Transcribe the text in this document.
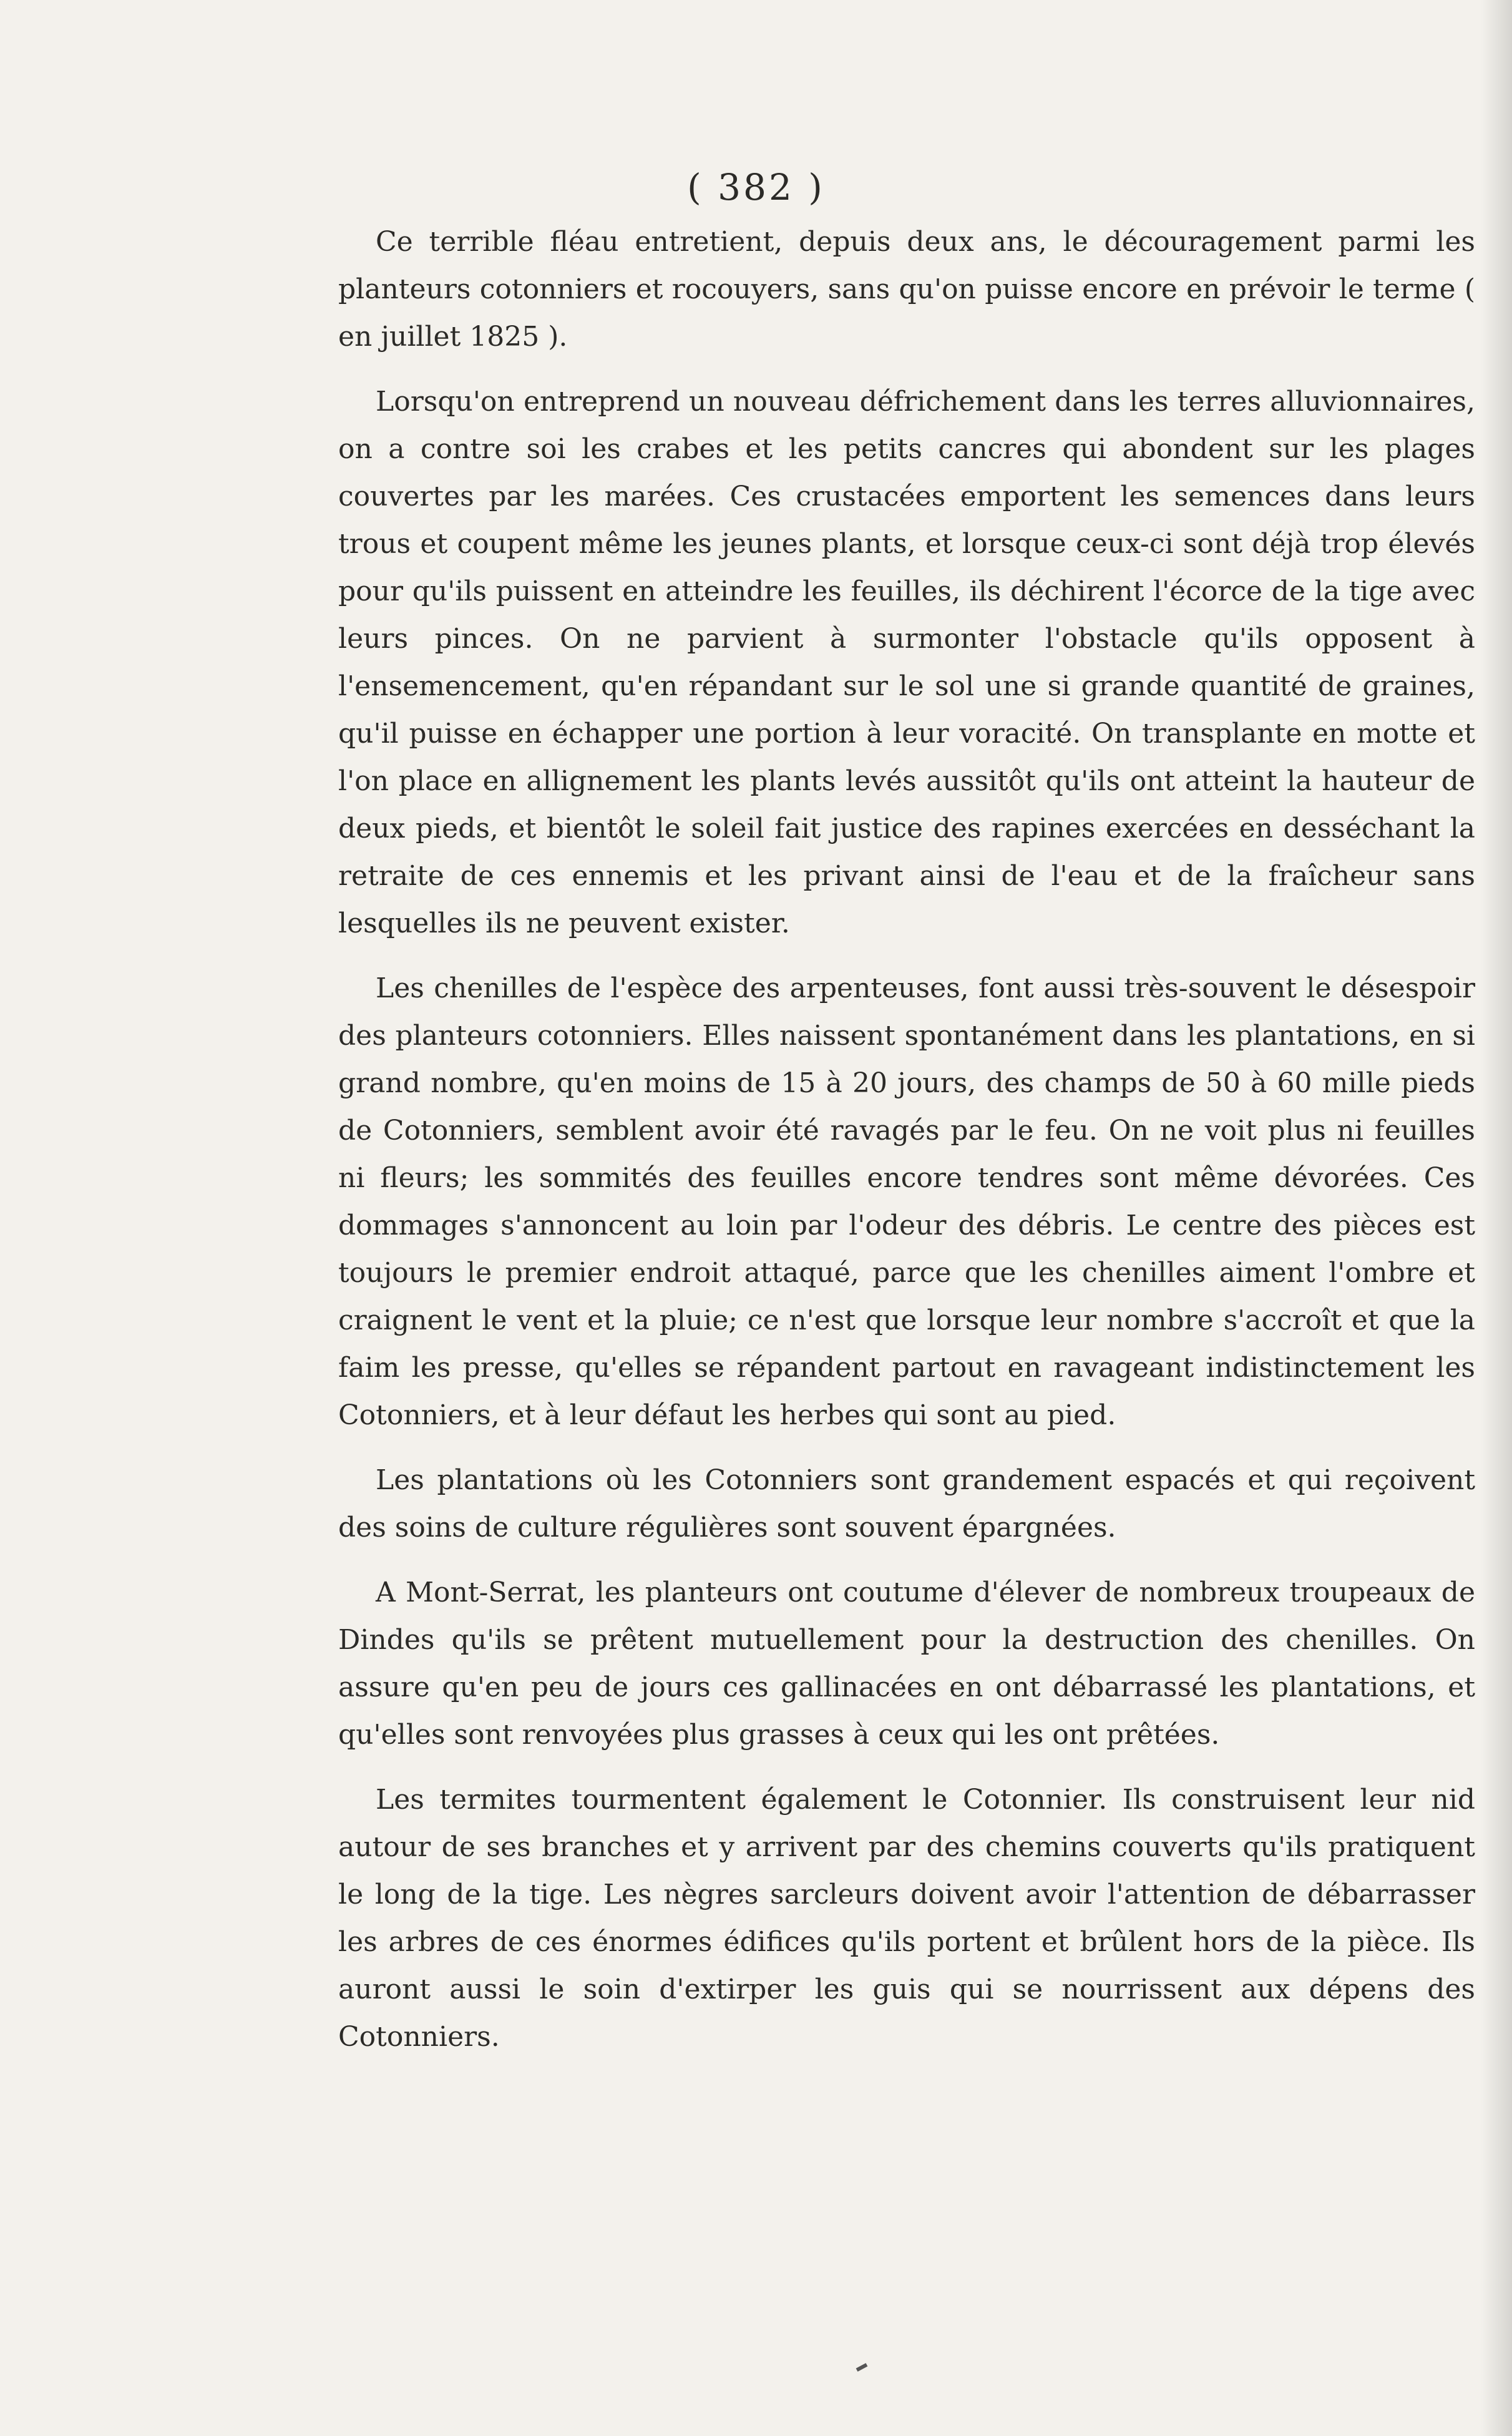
( 382 )

Ce terrible fléau entretient, depuis deux ans, le découragement parmi les planteurs cotonniers et rocouyers, sans qu'on puisse encore en prévoir le terme ( en juillet 1825 ).

Lorsqu'on entreprend un nouveau défrichement dans les terres alluvionnaires, on a contre soi les crabes et les petits cancres qui abondent sur les plages couvertes par les marées. Ces crustacées emportent les semences dans leurs trous et coupent même les jeunes plants, et lorsque ceux-ci sont déjà trop élevés pour qu'ils puissent en atteindre les feuilles, ils déchirent l'écorce de la tige avec leurs pinces. On ne parvient à surmonter l'obstacle qu'ils opposent à l'ensemencement, qu'en répandant sur le sol une si grande quantité de graines, qu'il puisse en échapper une portion à leur voracité. On transplante en motte et l'on place en allignement les plants levés aussitôt qu'ils ont atteint la hauteur de deux pieds, et bientôt le soleil fait justice des rapines exercées en desséchant la retraite de ces ennemis et les privant ainsi de l'eau et de la fraîcheur sans lesquelles ils ne peuvent exister.

Les chenilles de l'espèce des arpenteuses, font aussi très-souvent le désespoir des planteurs cotonniers. Elles naissent spontanément dans les plantations, en si grand nombre, qu'en moins de 15 à 20 jours, des champs de 50 à 60 mille pieds de Cotonniers, semblent avoir été ravagés par le feu. On ne voit plus ni feuilles ni fleurs; les sommités des feuilles encore tendres sont même dévorées. Ces dommages s'annoncent au loin par l'odeur des débris. Le centre des pièces est toujours le premier endroit attaqué, parce que les chenilles aiment l'ombre et craignent le vent et la pluie; ce n'est que lorsque leur nombre s'accroît et que la faim les presse, qu'elles se répandent partout en ravageant indistinctement les Cotonniers, et à leur défaut les herbes qui sont au pied.

Les plantations où les Cotonniers sont grandement espacés et qui reçoivent des soins de culture régulières sont souvent épargnées.

A Mont-Serrat, les planteurs ont coutume d'élever de nombreux troupeaux de Dindes qu'ils se prêtent mutuellement pour la destruction des chenilles. On assure qu'en peu de jours ces gallinacées en ont débarrassé les plantations, et qu'elles sont renvoyées plus grasses à ceux qui les ont prêtées.

Les termites tourmentent également le Cotonnier. Ils construisent leur nid autour de ses branches et y arrivent par des chemins couverts qu'ils pratiquent le long de la tige. Les nègres sarcleurs doivent avoir l'attention de débarrasser les arbres de ces énormes édifices qu'ils portent et brûlent hors de la pièce. Ils auront aussi le soin d'extirper les guis qui se nourrissent aux dépens des Cotonniers.
